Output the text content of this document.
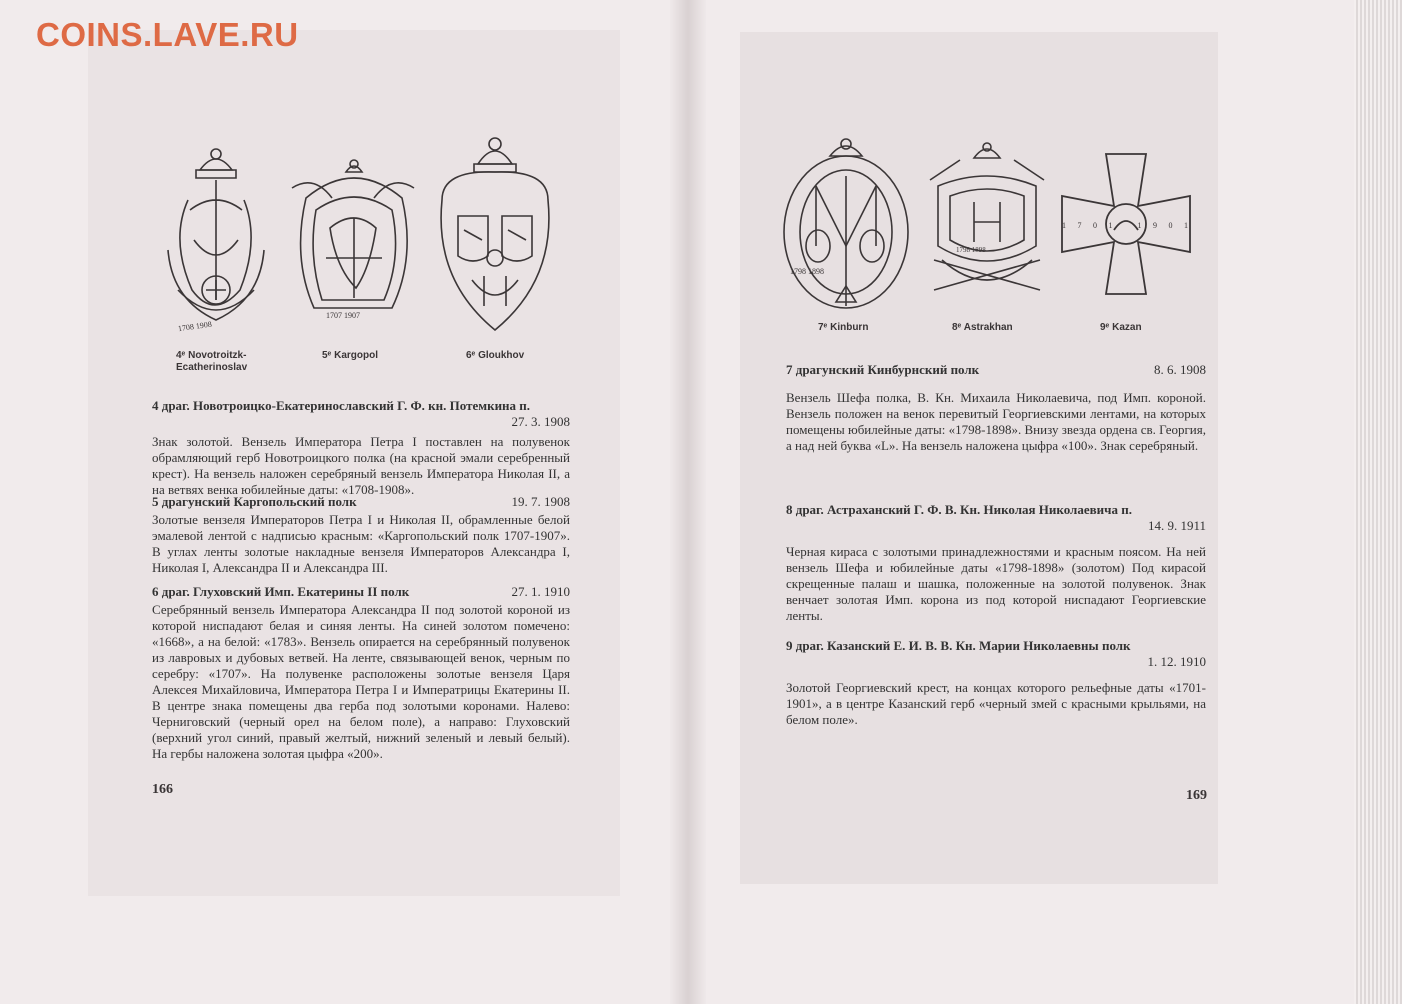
COINS.LAVE.RU
1708 1908
1707 1907
4ᵉ Novotroitzk-
Ecatherinoslav
5ᵉ Kargopol	6ᵉ Gloukhov
4 драг. Новотроицко-Екатеринославский Г. Ф. кн. Потемкина п.
27. 3. 1908
Знак золотой. Вензель Императора Петра I поставлен на полувенок обрамляющий герб Новотроицкого полка (на красной эмали серебренный крест). На вензель наложен серебряный вензель Императора Николая II, а на ветвях венка юбилейные даты: «1708-1908».
5 драгунский Каргопольский полк	19. 7. 1908
Золотые вензеля Императоров Петра I и Николая II, обрамленные белой эмалевой лентой с надписью красным: «Каргопольский полк 1707-1907». В углах ленты золотые накладные вензеля Императоров Александра I, Николая I, Александра II и Александра III.
6 драг. Глуховский Имп. Екатерины II полк	27. 1. 1910
Серебрянный вензель Императора Александра II под золотой короной из которой ниспадают белая и синяя ленты. На синей золотом помечено: «1668», а на белой: «1783». Вензель опирается на серебрянный полувенок из лавровых и дубовых ветвей. На ленте, связывающей венок, черным по серебру: «1707». На полувенке расположены золотые вензеля Царя Алексея Михайловича, Императора Петра I и Императрицы Екатерины II. В центре знака помещены два герба под золотыми коронами. Налево: Черниговский (черный орел на белом поле), а направо: Глуховский (верхний угол синий, правый желтый, нижний зеленый и левый белый). На гербы наложена золотая цыфра «200».
166
1798 1898
1798 1898
1701 1901
7ᵉ Kinburn	8ᵉ Astrakhan	9ᵉ Kazan
7 драгунский Кинбурнский полк	8. 6. 1908
Вензель Шефа полка, В. Кн. Михаила Николаевича, под Имп. короной. Вензель положен на венок перевитый Георгиевскими лентами, на которых помещены юбилейные даты: «1798-1898». Внизу звезда ордена св. Георгия, а над ней буква «L». На вензель наложена цыфра «100». Знак серебряный.
8 драг. Астраханский Г. Ф. В. Кн. Николая Николаевича п.
14. 9. 1911
Черная кираса с золотыми принадлежностями и красным поясом. На ней вензель Шефа и юбилейные даты «1798-1898» (золотом) Под кирасой скрещенные палаш и шашка, положенные на золотой полувенок. Знак венчает золотая Имп. корона из под которой ниспадают Георгиевские ленты.
9 драг. Казанский Е. И. В. В. Кн. Марии Николаевны полк
1. 12. 1910
Золотой Георгиевский крест, на концах которого рельефные даты «1701-1901», а в центре Казанский герб «черный змей с красными крыльями, на белом поле».
169
